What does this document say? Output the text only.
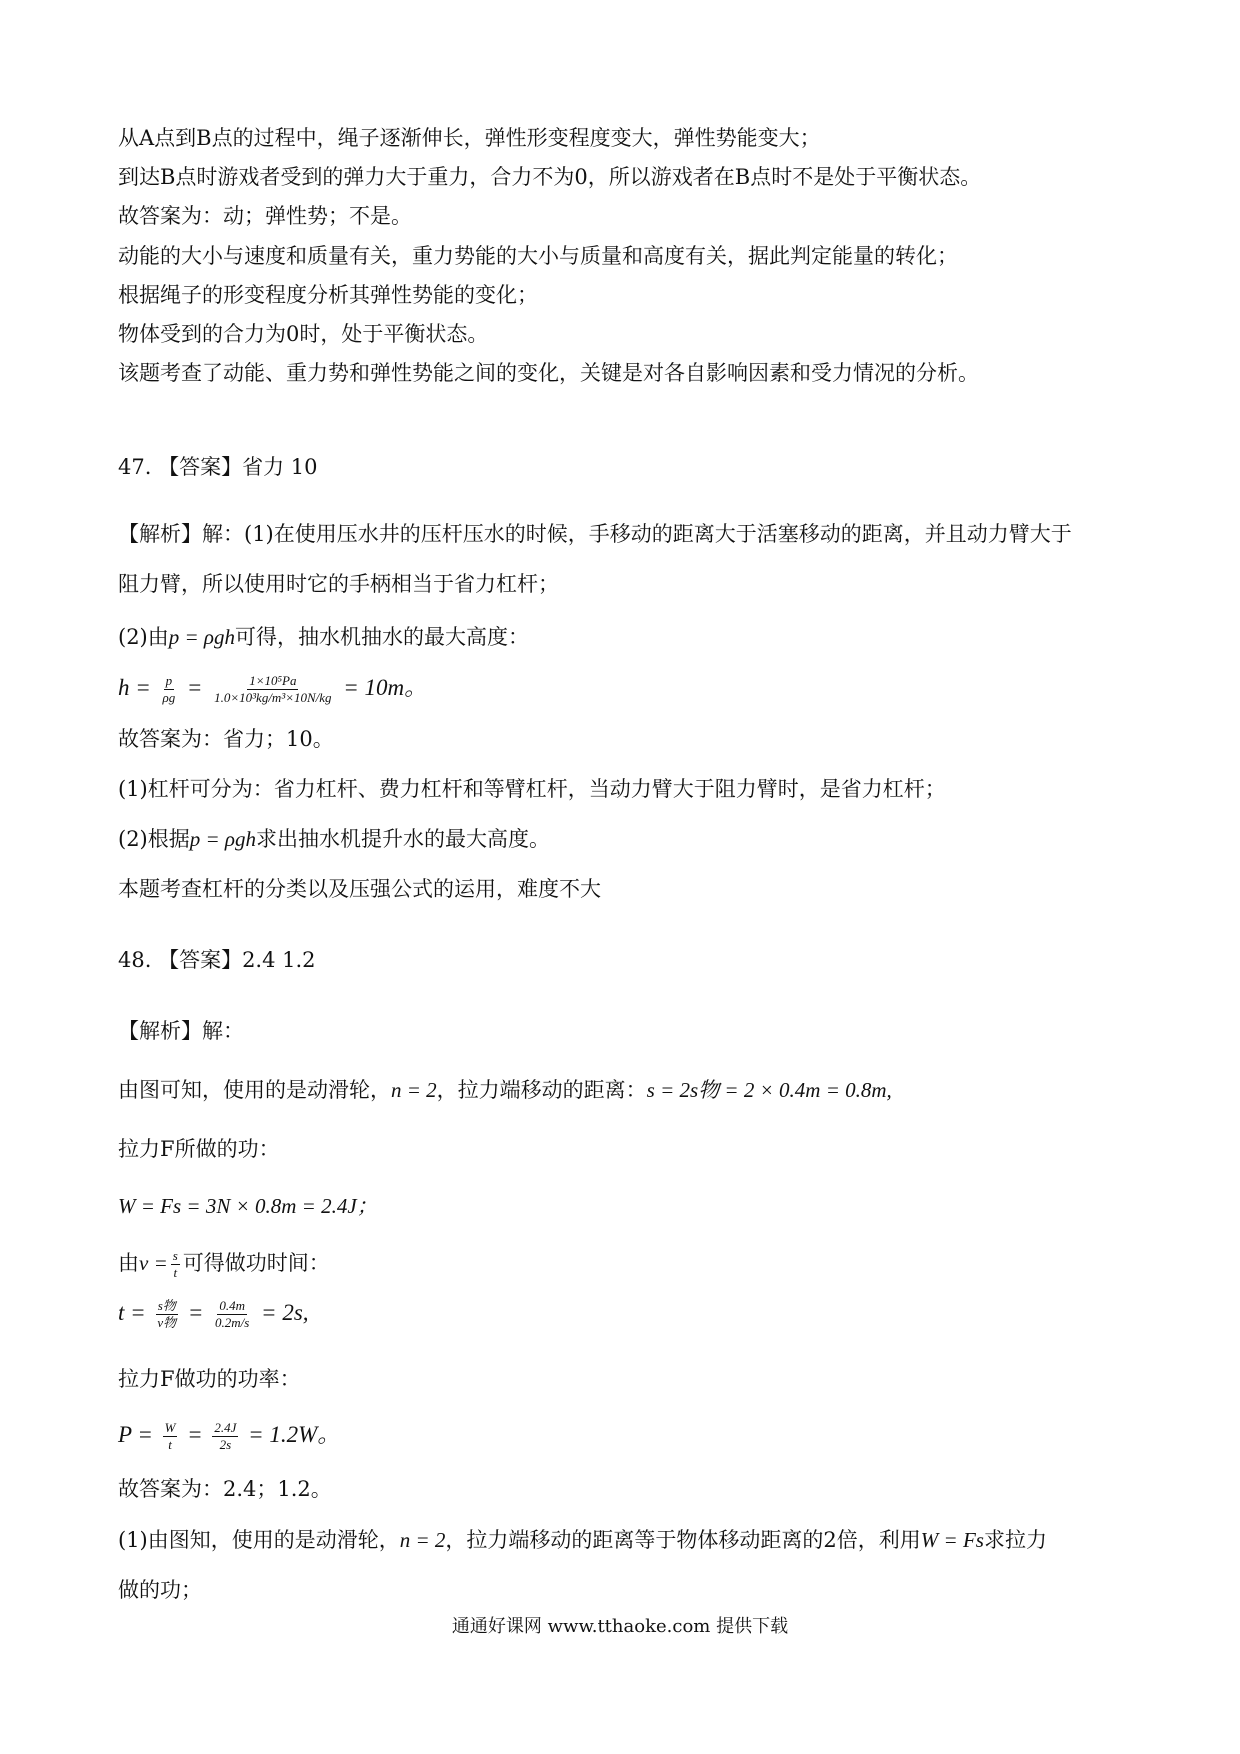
从A点到B点的过程中，绳子逐渐伸长，弹性形变程度变大，弹性势能变大；
到达B点时游戏者受到的弹力大于重力，合力不为0，所以游戏者在B点时不是处于平衡状态。
故答案为：动；弹性势；不是。
动能的大小与速度和质量有关，重力势能的大小与质量和高度有关，据此判定能量的转化；
根据绳子的形变程度分析其弹性势能的变化；
物体受到的合力为0时，处于平衡状态。
该题考查了动能、重力势和弹性势能之间的变化，关键是对各自影响因素和受力情况的分析。
47. 【答案】省力 10
【解析】解：(1)在使用压水井的压杆压水的时候，手移动的距离大于活塞移动的距离，并且动力臂大于
阻力臂，所以使用时它的手柄相当于省力杠杆；
(2)由p = ρgh可得，抽水机抽水的最大高度：
$h = \frac{p}{\rho g} = \frac{\text{1×10⁵Pa}}{\text{1.0×10³kg/m³×10N/kg}} = 10m$。
故答案为：省力；10。
(1)杠杆可分为：省力杠杆、费力杠杆和等臂杠杆，当动力臂大于阻力臂时，是省力杠杆；
(2)根据p = ρgh求出抽水机提升水的最大高度。
本题考查杠杆的分类以及压强公式的运用，难度不大
48. 【答案】2.4 1.2
【解析】解：
由图可知，使用的是动滑轮，n = 2，拉力端移动的距离：s = 2s物 = 2 × 0.4m = 0.8m,
拉力F所做的功：
W = Fs = 3N × 0.8m = 2.4J；
由$v = \frac{s}{t}$ 可得做功时间：
$t = \frac{\text{s物}}{\text{v物}} = \frac{0.4m}{0.2m/s} = 2s$,
拉力F做功的功率：
$P = \frac{W}{t} = \frac{2.4J}{2s} = 1.2W$。
故答案为：2.4；1.2。
(1)由图知，使用的是动滑轮，n = 2，拉力端移动的距离等于物体移动距离的2倍，利用W = Fs求拉力
做的功；
通通好课网 www.tthaoke.com 提供下载
